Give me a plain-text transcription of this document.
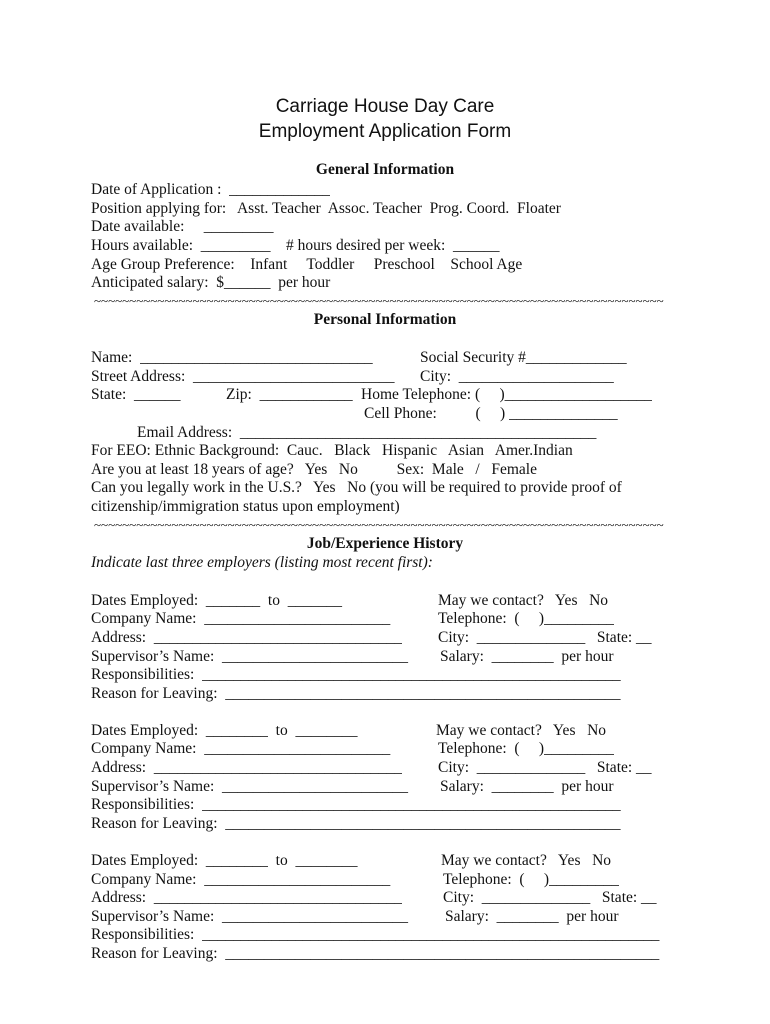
Carriage House Day Care
Employment Application Form
General Information
Date of Application :  _____________
Position applying for:   Asst. Teacher  Assoc. Teacher  Prog. Coord.  Floater
Date available:     _________
Hours available:  _________    # hours desired per week:  ______
Age Group Preference:    Infant     Toddler     Preschool    School Age
Anticipated salary:  $______  per hour
~~~~~~~~~~~~~~~~~~~~~~~~~~~~~~~~~~~~~~~~~~~~~~~~~~~~~~~~~~~~~~~~~~~~~~~~~~~~~~~~~
Personal Information
Name:  ______________________________	Social Security #_____________
Street Address:  __________________________ City:  ____________________
State:  ______	Zip:  ____________ Home Telephone: (     )___________________
Cell Phone:          (     ) ______________
Email Address:  ______________________________________________
For EEO: Ethnic Background:  Cauc.   Black   Hispanic   Asian   Amer.Indian
Are you at least 18 years of age?   Yes   No          Sex:  Male   /   Female
Can you legally work in the U.S.?   Yes   No (you will be required to provide proof of
citizenship/immigration status upon employment)
~~~~~~~~~~~~~~~~~~~~~~~~~~~~~~~~~~~~~~~~~~~~~~~~~~~~~~~~~~~~~~~~~~~~~~~~~~~~~~~~~
Job/Experience History
Indicate last three employers (listing most recent first):
Dates Employed:  _______  to  _______	May we contact?   Yes   No
Company Name:  ________________________	Telephone:  (     )_________
Address:  ________________________________ City:  ______________   State: __
Supervisor’s Name:  ________________________ Salary:  ________  per hour
Responsibilities:  ______________________________________________________
Reason for Leaving:  ___________________________________________________
Dates Employed:  ________  to  ________	May we contact?   Yes   No
Company Name:  ________________________	Telephone:  (     )_________
Address:  ________________________________ City:  ______________   State: __
Supervisor’s Name:  ________________________ Salary:  ________  per hour
Responsibilities:  ______________________________________________________
Reason for Leaving:  ___________________________________________________
Dates Employed:  ________  to  ________	May we contact?   Yes   No
Company Name:  ________________________	Telephone:  (     )_________
Address:  ________________________________	City:  ______________   State: __
Supervisor’s Name:  ________________________ Salary:  ________  per hour
Responsibilities:  ___________________________________________________________
Reason for Leaving:  ________________________________________________________
